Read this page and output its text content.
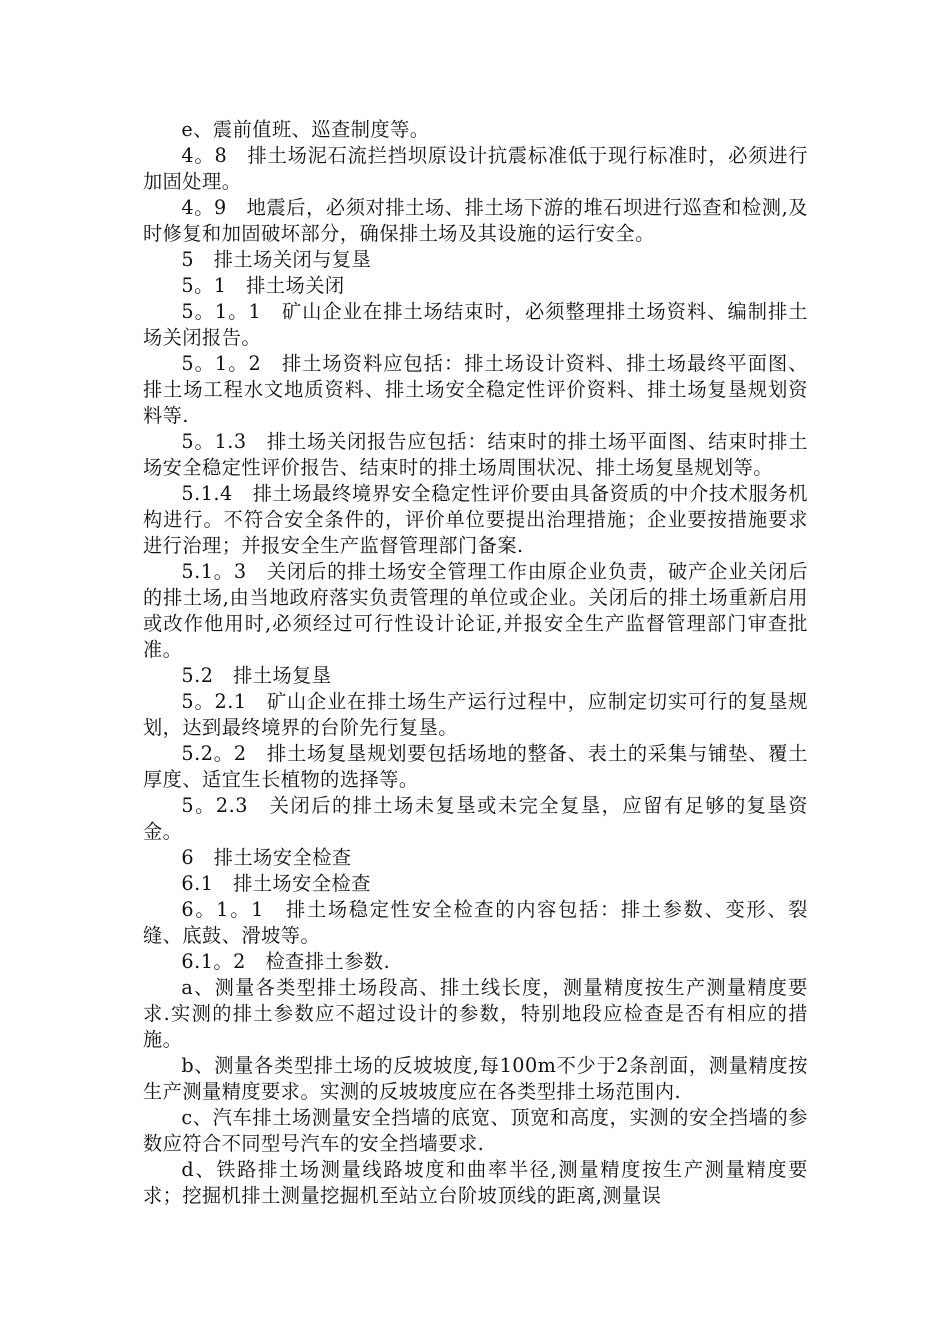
e、震前值班、巡查制度等。

4。8　排土场泥石流拦挡坝原设计抗震标准低于现行标准时，必须进行加固处理。

4。9　地震后，必须对排土场、排土场下游的堆石坝进行巡查和检测,及时修复和加固破坏部分，确保排土场及其设施的运行安全。

5　排土场关闭与复垦

5。1　排土场关闭

5。1。1　矿山企业在排土场结束时，必须整理排土场资料、编制排土场关闭报告。

5。1。2　排土场资料应包括：排土场设计资料、排土场最终平面图、排土场工程水文地质资料、排土场安全稳定性评价资料、排土场复垦规划资料等.

5。1.3　排土场关闭报告应包括：结束时的排土场平面图、结束时排土场安全稳定性评价报告、结束时的排土场周围状况、排土场复垦规划等。

5.1.4　排土场最终境界安全稳定性评价要由具备资质的中介技术服务机构进行。不符合安全条件的，评价单位要提出治理措施；企业要按措施要求进行治理；并报安全生产监督管理部门备案.

5.1。3　关闭后的排土场安全管理工作由原企业负责，破产企业关闭后的排土场,由当地政府落实负责管理的单位或企业。关闭后的排土场重新启用或改作他用时,必须经过可行性设计论证,并报安全生产监督管理部门审查批准。

5.2　排土场复垦

5。2.1　矿山企业在排土场生产运行过程中，应制定切实可行的复垦规划，达到最终境界的台阶先行复垦。

5.2。2　排土场复垦规划要包括场地的整备、表土的采集与铺垫、覆土厚度、适宜生长植物的选择等。

5。2.3　关闭后的排土场未复垦或未完全复垦，应留有足够的复垦资金。

6　排土场安全检查

6.1　排土场安全检查

6。1。1　排土场稳定性安全检查的内容包括：排土参数、变形、裂缝、底鼓、滑坡等。

6.1。2　检查排土参数.

a、测量各类型排土场段高、排土线长度，测量精度按生产测量精度要求.实测的排土参数应不超过设计的参数，特别地段应检查是否有相应的措施。

b、测量各类型排土场的反坡坡度,每100m不少于2条剖面，测量精度按生产测量精度要求。实测的反坡坡度应在各类型排土场范围内.

c、汽车排土场测量安全挡墙的底宽、顶宽和高度，实测的安全挡墙的参数应符合不同型号汽车的安全挡墙要求.

d、铁路排土场测量线路坡度和曲率半径,测量精度按生产测量精度要求；挖掘机排土测量挖掘机至站立台阶坡顶线的距离,测量误
